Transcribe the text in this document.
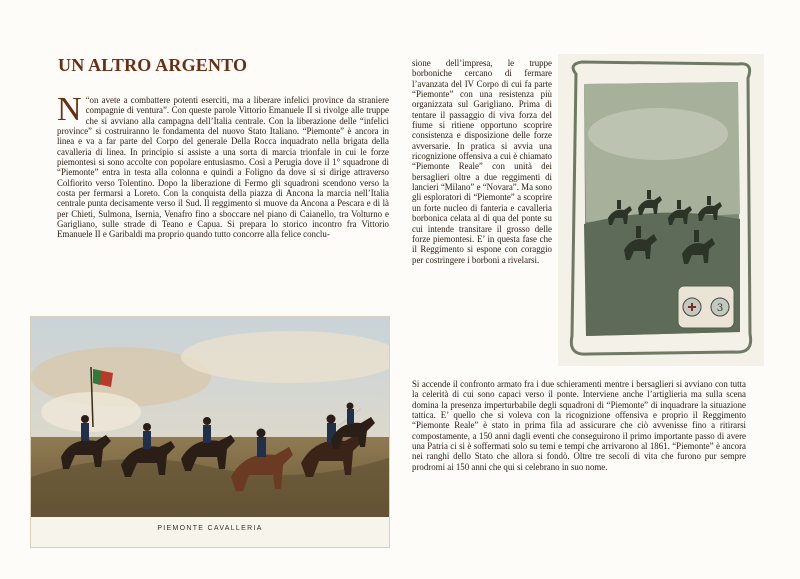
UN ALTRO ARGENTO
“
N on avete a combattere potenti eserciti, ma a liberare infelici province da straniere compagnie di ventura”. Con queste parole Vittorio Emanuele II si rivolge alle truppe che si avviano alla campagna dell’Italia centrale. Con la liberazione delle “infelici province” si costruiranno le fondamenta del nuovo Stato Italiano. “Piemonte” è ancora in linea e va a far parte del Corpo del generale Della Rocca inquadrato nella brigata della cavalleria di linea. In principio si assiste a una sorta di marcia trionfale in cui le forze piemontesi si sono accolte con popolare entusiasmo. Così a Perugia dove il 1° squadrone di “Piemonte” entra in testa alla colonna e quindi a Foligno da dove si si dirige attraverso Colfiorito verso Tolentino. Dopo la liberazione di Fermo gli squadroni scendono verso la costa per fermarsi a Loreto. Con la conquista della piazza di Ancona la marcia nell’Italia centrale punta decisamente verso il Sud. Il reggimento si muove da Ancona a Pescara e di là per Chieti, Sulmona, Isernia, Venafro fino a sboccare nel piano di Caianello, tra Volturno e Garigliano, sulle strade di Teano e Capua. Si prepara lo storico incontro fra Vittorio Emanuele II e Garibaldi ma proprio quando tutto concorre alla felice conclu-
PIEMONTE CAVALLERIA
sione dell’impresa, le truppe borboniche cercano di fermare l’avanzata del IV Corpo di cui fa parte “Piemonte” con una resistenza più organizzata sul Garigliano. Prima di tentare il passaggio di viva forza del fiume si ritiene opportuno scoprire consistenza e disposizione delle forze avversarie. In pratica si avvia una ricognizione offensiva a cui è chiamato “Piemonte Reale” con unità dei bersaglieri oltre a due reggimenti di lancieri “Milano” e “Novara”. Ma sono gli esploratori di “Piemonte” a scoprire un forte nucleo di fanteria e cavalleria borbonica celata al di qua del ponte su cui intende transitare il grosso delle forze piemontesi. E’ in questa fase che il Reggimento si espone con coraggio per costringere i borboni a rivelarsi.
3
Si accende il confronto armato fra i due schieramenti mentre i bersaglieri si avviano con tutta la celerità di cui sono capaci verso il ponte. Interviene anche l’artiglieria ma sulla scena domina la presenza imperturbabile degli squadroni di “Piemonte” di inquadrare la situazione tattica. E’ quello che si voleva con la ricognizione offensiva e proprio il Reggimento “Piemonte Reale” è stato in prima fila ad assicurare che ciò avvenisse fino a ritirarsi compostamente, a 150 anni dagli eventi che conseguirono il primo importante passo di avere una Patria ci si è soffermati solo su temi e tempi che arrivarono al 1861. “Piemonte” è ancora nei ranghi dello Stato che allora si fondò. Oltre tre secoli di vita che furono pur sempre prodromi ai 150 anni che qui si celebrano in suo nome.
